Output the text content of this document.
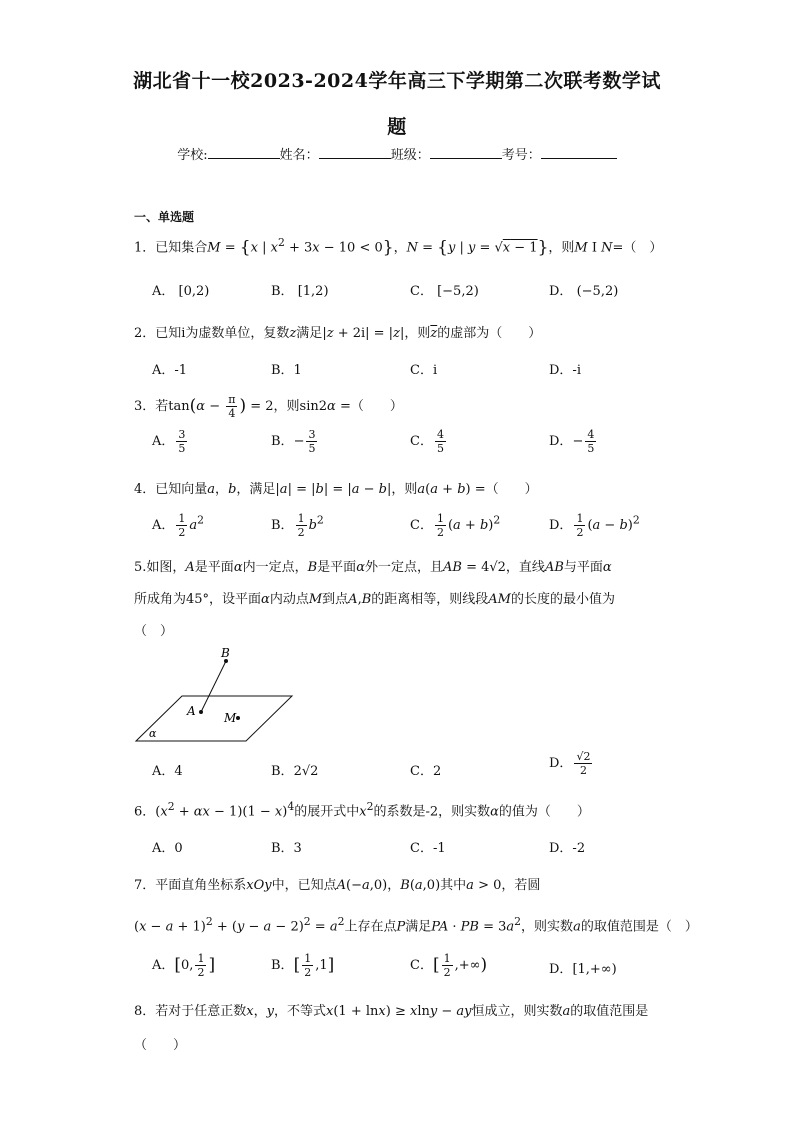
湖北省十一校2023-2024学年高三下学期第二次联考数学试
题
学校:	姓名：	班级：	考号：
一、单选题
1．已知集合M = {x | $x^2 + 3x - 10 < 0$}，N = {y | y = √x − 1}，则M I N=（　）
A． [0,2)	B． [1,2)	C． [−5,2)	D． (−5,2)
2．已知i为虚数单位，复数z满足|z + 2i| = |z|，则$\overline{z}$的虚部为（　　）
A．-1	B．1	C．i	D．-i
3．若$\tan(\alpha - \frac{\pi}{4}$ ) = 2，则sin2α =（　　）
A． $\frac{3}{5}$	B．− $\frac{3}{5}$	C． $\frac{4}{5}$	D．− $\frac{4}{5}$
4．已知向量a，b，满足|a| = |b| = |a − b|，则a(a + b) =（　　）
A． $\frac{1}{2} a^2$	B． $\frac{1}{2} b^2$	C． $\frac{1}{2} (a + b)^2$	D． $\frac{1}{2} (a - b)^2$
5.如图，A是平面α内一定点，B是平面α外一定点，且AB = 4√2，直线AB与平面α
所成角为45°，设平面α内动点M到点A,B的距离相等，则线段AM的长度的最小值为
（　）
B
A M
α
A．4	B．2√2	C．2
D． $\frac{√2}{2}$
6．$(x^2 + \alpha x - 1)(1 - x)^4$的展开式中$x^2$的系数是-2，则实数α的值为（　　）
A．0	B．3	C．-1	D．-2
7．平面直角坐标系xOy中，已知点A(−a,0)，B(a,0)其中a > 0，若圆
$(x - a + 1)^2 + (y - a - 2)^2 = a^2$上存在点P满足PA · PB = $3a^2$，则实数a的取值范围是（　）
A．[0, $\frac{1}{2}$ ]	B．[ $\frac{1}{2} ,1$]	C．[ $\frac{1}{2}$ ,+∞)	D．[1,+∞)
8．若对于任意正数x，y，不等式x(1 + lnx) ≥ xlny − ay恒成立，则实数a的取值范围是
（　　）
